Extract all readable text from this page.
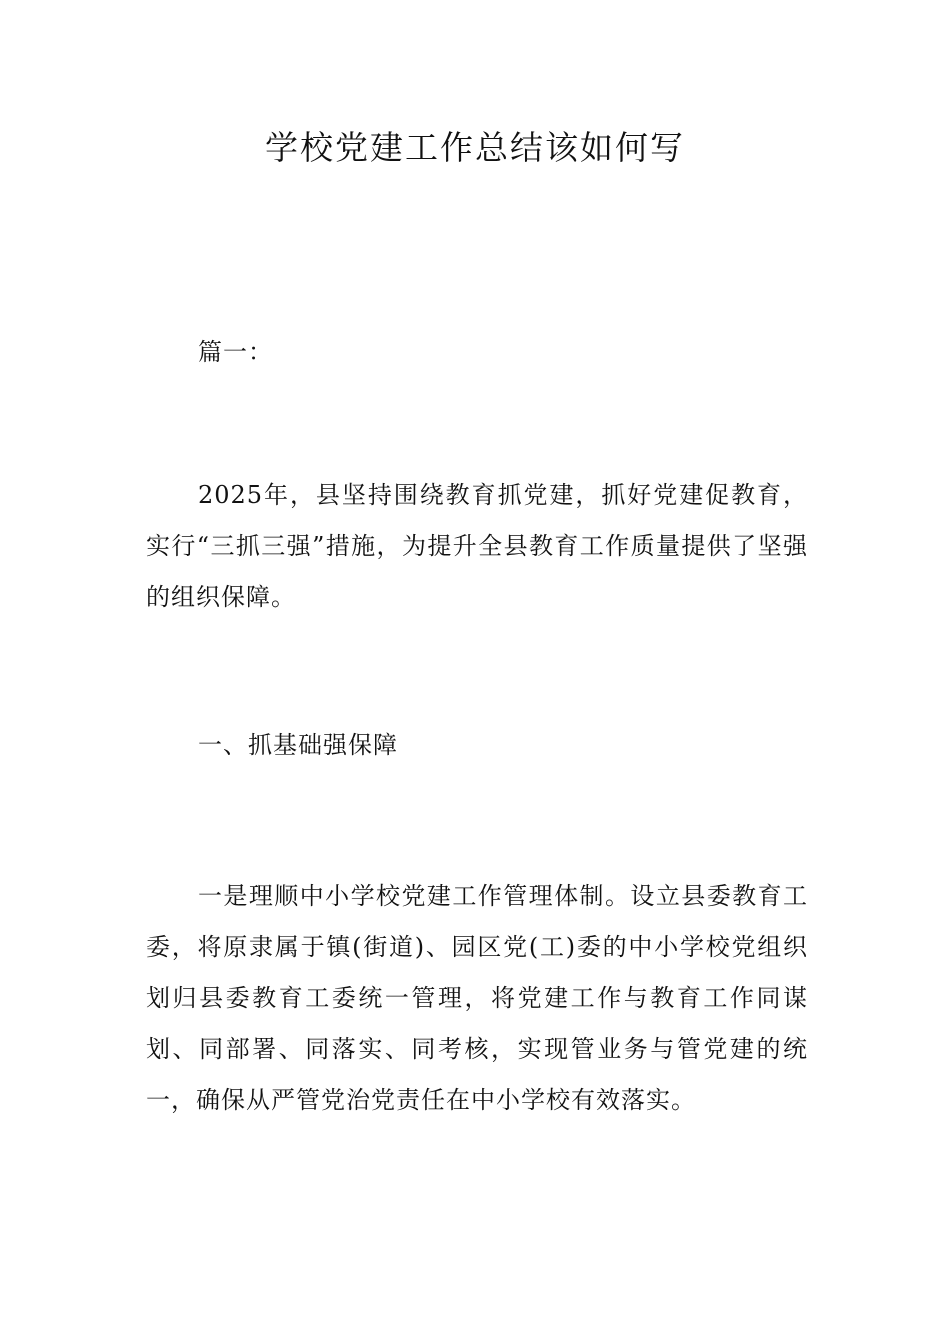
学校党建工作总结该如何写

篇一：

2025年，县坚持围绕教育抓党建，抓好党建促教育，实行“三抓三强”措施，为提升全县教育工作质量提供了坚强的组织保障。

一、抓基础强保障

一是理顺中小学校党建工作管理体制。设立县委教育工委，将原隶属于镇(街道)、园区党(工)委的中小学校党组织划归县委教育工委统一管理，将党建工作与教育工作同谋划、同部署、同落实、同考核，实现管业务与管党建的统一，确保从严管党治党责任在中小学校有效落实。
